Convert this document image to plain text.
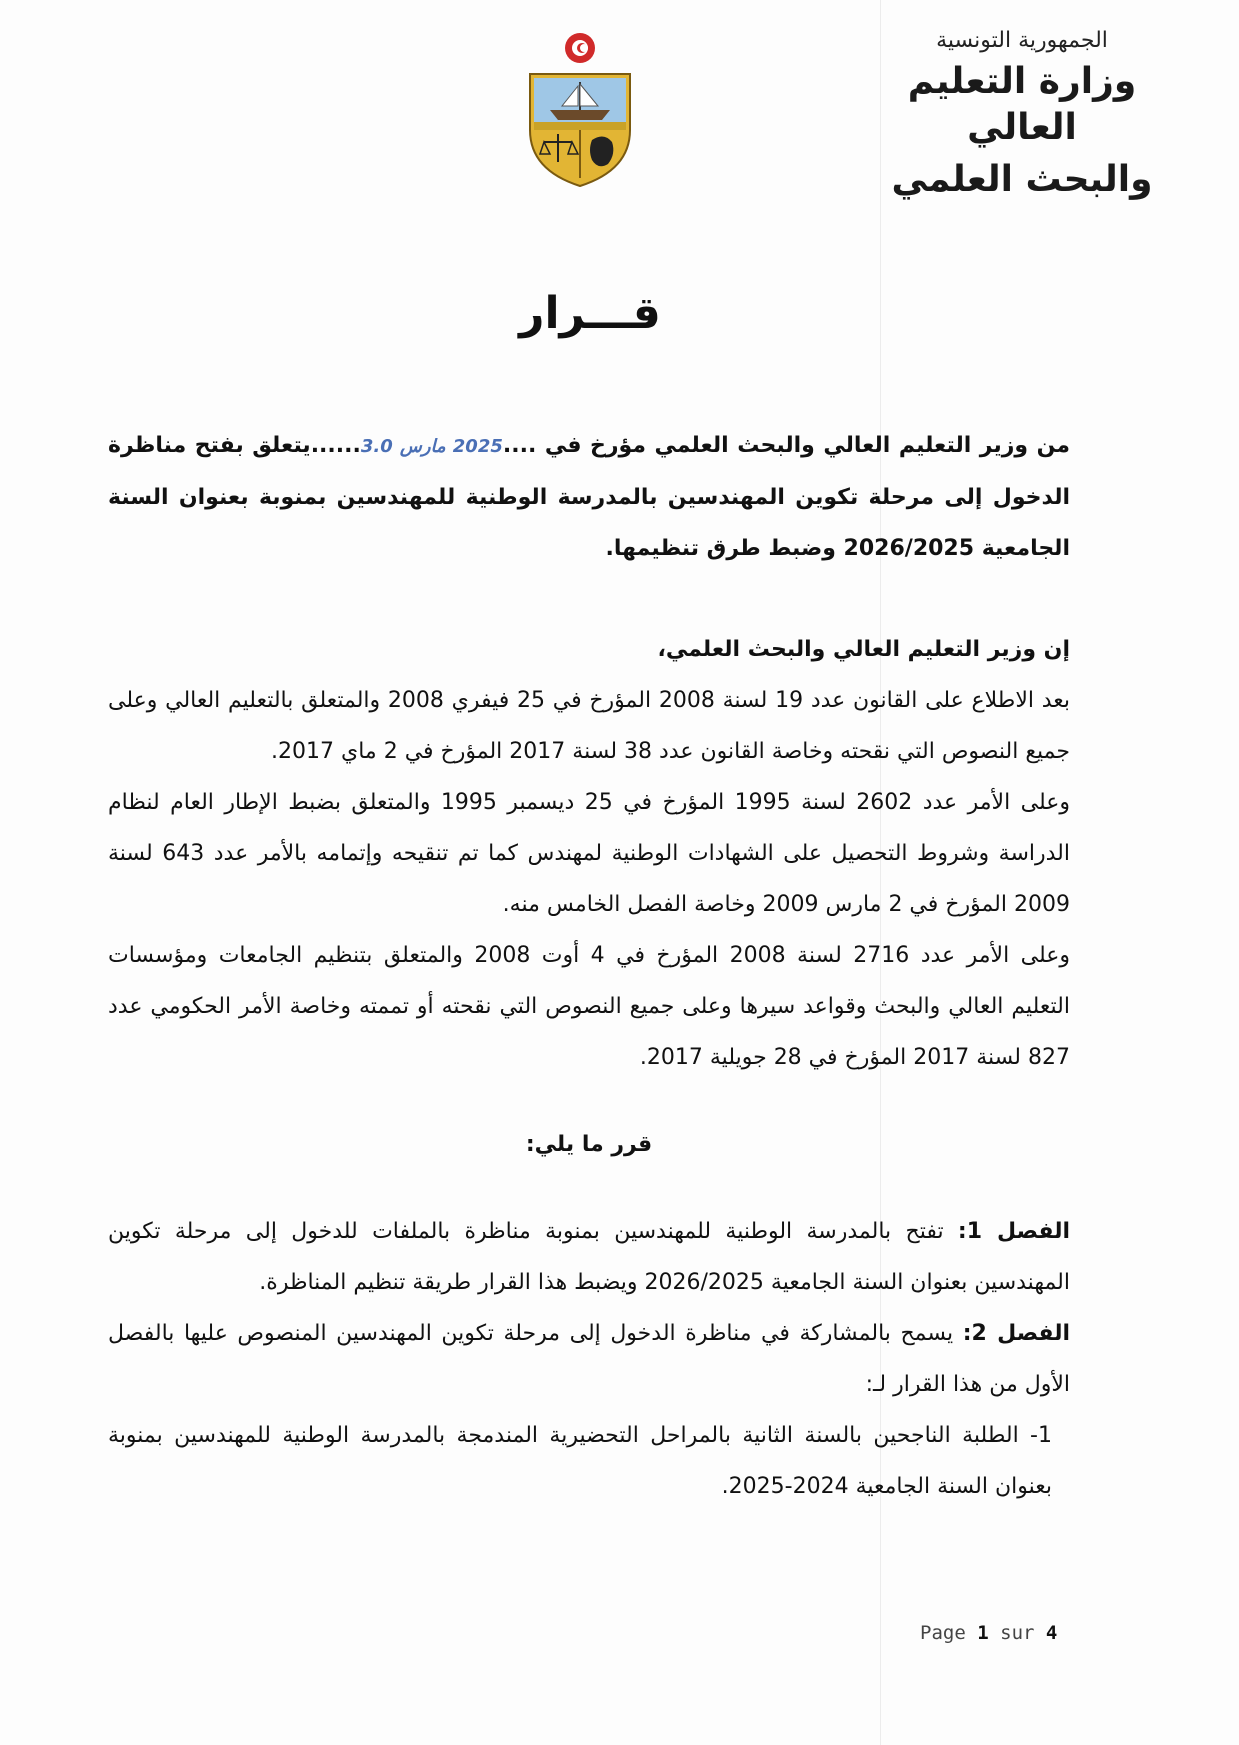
الجمهورية التونسية
وزارة التعليم العالي
والبحث العلمي
قـــرار

من وزير التعليم العالي والبحث العلمي مؤرخ في ....2025 مارس 3.0......يتعلق بفتح مناظرة الدخول إلى مرحلة تكوين المهندسين بالمدرسة الوطنية للمهندسين بمنوبة بعنوان السنة الجامعية 2026/2025 وضبط طرق تنظيمها.

إن وزير التعليم العالي والبحث العلمي،

بعد الاطلاع على القانون عدد 19 لسنة 2008 المؤرخ في 25 فيفري 2008 والمتعلق بالتعليم العالي وعلى جميع النصوص التي نقحته وخاصة القانون عدد 38 لسنة 2017 المؤرخ في 2 ماي 2017.

وعلى الأمر عدد 2602 لسنة 1995 المؤرخ في 25 ديسمبر 1995 والمتعلق بضبط الإطار العام لنظام الدراسة وشروط التحصيل على الشهادات الوطنية لمهندس كما تم تنقيحه وإتمامه بالأمر عدد 643 لسنة 2009 المؤرخ في 2 مارس 2009 وخاصة الفصل الخامس منه.

وعلى الأمر عدد 2716 لسنة 2008 المؤرخ في 4 أوت 2008 والمتعلق بتنظيم الجامعات ومؤسسات التعليم العالي والبحث وقواعد سيرها وعلى جميع النصوص التي نقحته أو تممته وخاصة الأمر الحكومي عدد 827 لسنة 2017 المؤرخ في 28 جويلية 2017.

قرر ما يلي:

الفصل 1: تفتح بالمدرسة الوطنية للمهندسين بمنوبة مناظرة بالملفات للدخول إلى مرحلة تكوين المهندسين بعنوان السنة الجامعية 2026/2025 ويضبط هذا القرار طريقة تنظيم المناظرة.

الفصل 2: يسمح بالمشاركة في مناظرة الدخول إلى مرحلة تكوين المهندسين المنصوص عليها بالفصل الأول من هذا القرار لـ:

1- الطلبة الناجحين بالسنة الثانية بالمراحل التحضيرية المندمجة بالمدرسة الوطنية للمهندسين بمنوبة بعنوان السنة الجامعية 2024-2025.

Page 1 sur 4
